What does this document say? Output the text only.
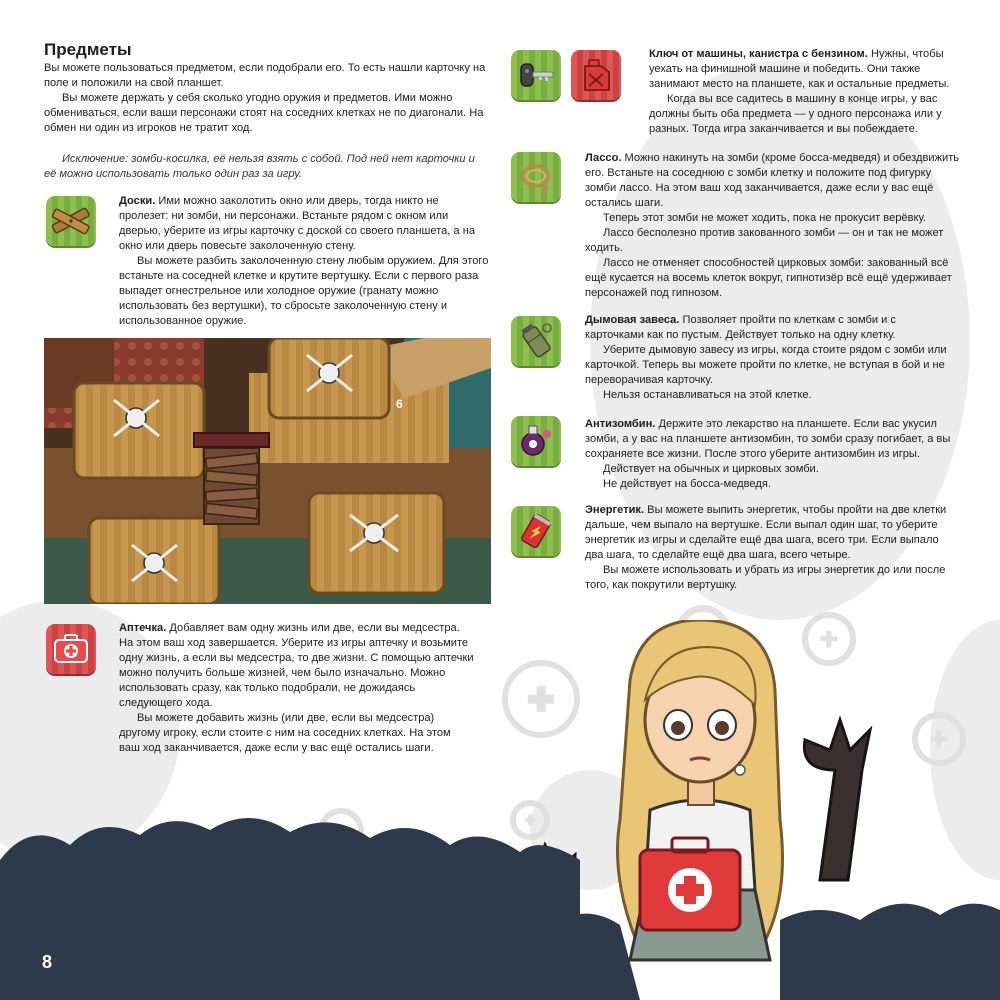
Предметы

Вы можете пользоваться предметом, если подобрали его. То есть нашли карточку на поле и положили на свой планшет.

Вы можете держать у себя сколько угодно оружия и предметов. Ими можно обмениваться, если ваши персонажи стоят на соседних клетках не по диагонали. На обмен ни один из игроков не тратит ход.

Исключение: зомби-косилка, её нельзя взять с собой. Под ней нет карточки и её можно использовать только один раз за игру.

Доски. Ими можно заколотить окно или дверь, тогда никто не пролезет: ни зомби, ни персонажи. Встаньте рядом с окном или дверью, уберите из игры карточку с доской со своего планшета, а на окно или дверь повесьте заколоченную стену.

Вы можете разбить заколоченную стену любым оружием. Для этого встаньте на соседней клетке и крутите вертушку. Если с первого раза выпадет огнестрельное или холодное оружие (гранату можно использовать без вертушки), то сбросьте заколоченную стену и использованное оружие.

6

Аптечка. Добавляет вам одну жизнь или две, если вы медсестра. На этом ваш ход завершается. Уберите из игры аптечку и возьмите одну жизнь, а если вы медсестра, то две жизни. С помощью аптечки можно получить больше жизней, чем было изначально. Можно использовать сразу, как только подобрали, не дожидаясь следующего хода.

Вы можете добавить жизнь (или две, если вы медсестра) другому игроку, если стоите с ним на соседних клетках. На этом ваш ход заканчивается, даже если у вас ещё остались шаги.

Ключ от машины, канистра с бензином. Нужны, чтобы уехать на финишной машине и победить. Они также занимают место на планшете, как и остальные предметы.

Когда вы все садитесь в машину в конце игры, у вас должны быть оба предмета — у одного персонажа или у разных. Тогда игра заканчивается и вы побеждаете.

Лассо. Можно накинуть на зомби (кроме босса-медведя) и обездвижить его. Встаньте на соседнюю с зомби клетку и положите под фигурку зомби лассо. На этом ваш ход заканчивается, даже если у вас ещё остались шаги.

Теперь этот зомби не может ходить, пока не прокусит верёвку.

Лассо бесполезно против закованного зомби — он и так не может ходить.

Лассо не отменяет способностей цирковых зомби: закованный всё ещё кусается на восемь клеток вокруг, гипнотизёр всё ещё удерживает персонажей под гипнозом.

Дымовая завеса. Позволяет пройти по клеткам с зомби и с карточками как по пустым. Действует только на одну клетку.

Уберите дымовую завесу из игры, когда стоите рядом с зомби или карточкой. Теперь вы можете пройти по клетке, не вступая в бой и не переворачивая карточку.

Нельзя останавливаться на этой клетке.

Антизомбин. Держите это лекарство на планшете. Если вас укусил зомби, а у вас на планшете антизомбин, то зомби сразу погибает, а вы сохраняете все жизни. После этого уберите антизомбин из игры.

Действует на обычных и цирковых зомби.

Не действует на босса-медведя.

Энергетик. Вы можете выпить энергетик, чтобы пройти на две клетки дальше, чем выпало на вертушке. Если выпал один шаг, то уберите энергетик из игры и сделайте ещё два шага, всего три. Если выпало два шага, то сделайте ещё два шага, всего четыре.

Вы можете использовать и убрать из игры энергетик до или после того, как покрутили вертушку.

8
